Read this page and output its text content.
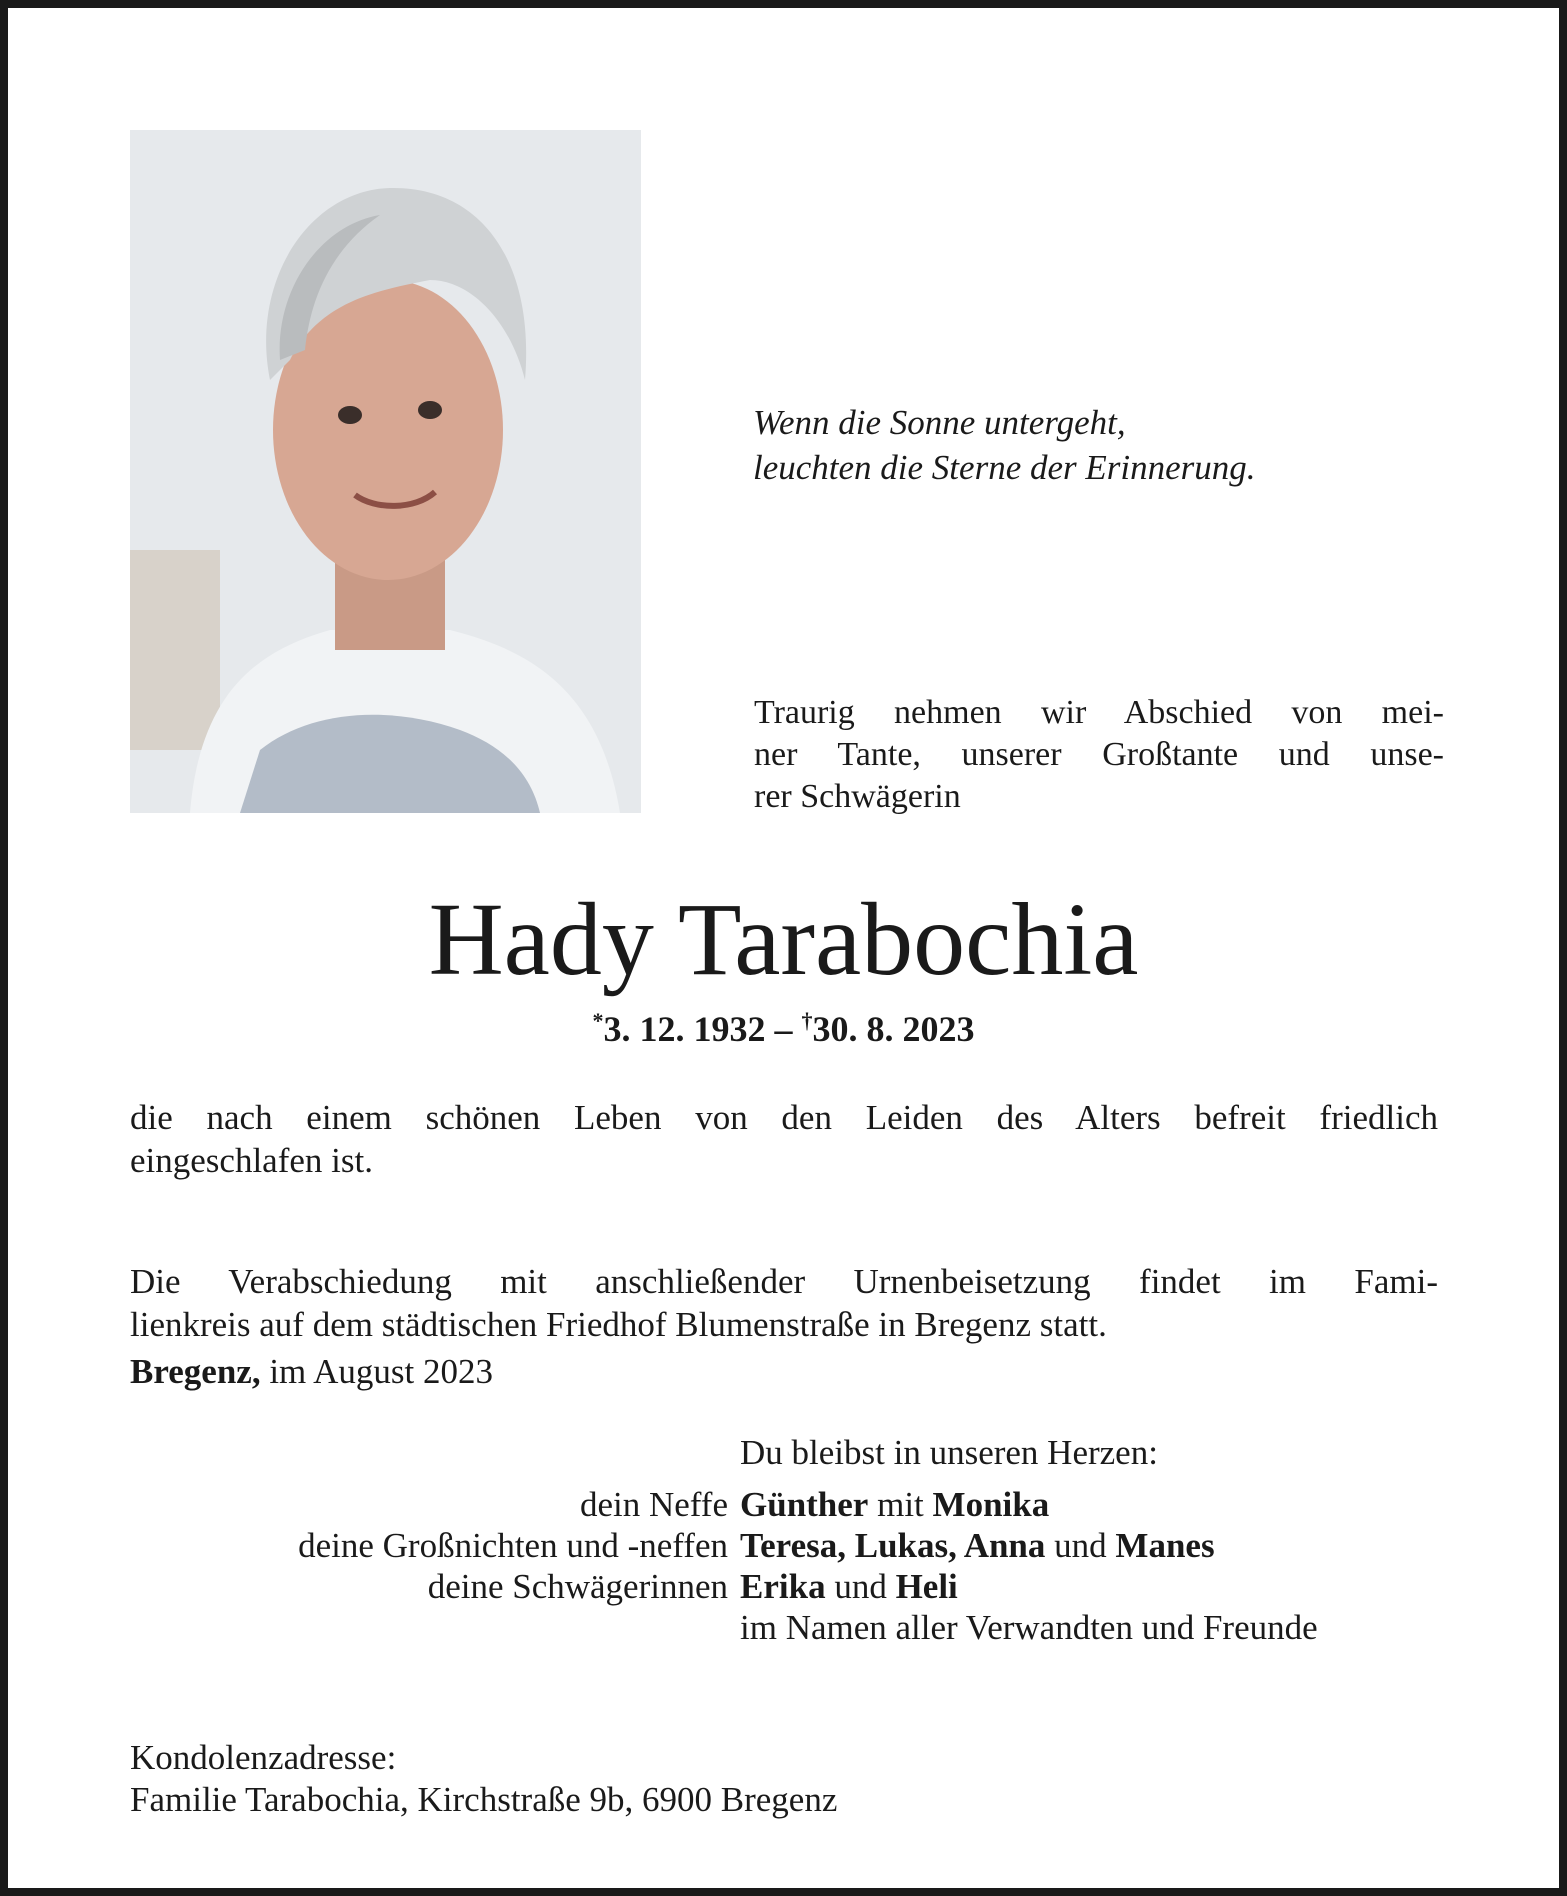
Wenn die Sonne untergeht,
leuchten die Sterne der Erinnerung.
Traurig nehmen wir Abschied von mei-
ner Tante, unserer Großtante und unse-
rer Schwägerin
Hady Tarabochia
*3. 12. 1932 – †30. 8. 2023
die nach einem schönen Leben von den Leiden des Alters befreit friedlich
eingeschlafen ist.
Die Verabschiedung mit anschließender Urnenbeisetzung findet im Fami-
lienkreis auf dem städtischen Friedhof Blumenstraße in Bregenz statt.
Bregenz, im August 2023
Du bleibst in unseren Herzen:
dein Neffe Günther mit Monika
deine Großnichten und -neffen Teresa, Lukas, Anna und Manes
deine Schwägerinnen Erika und Heli
im Namen aller Verwandten und Freunde
Kondolenzadresse:
Familie Tarabochia, Kirchstraße 9b, 6900 Bregenz
